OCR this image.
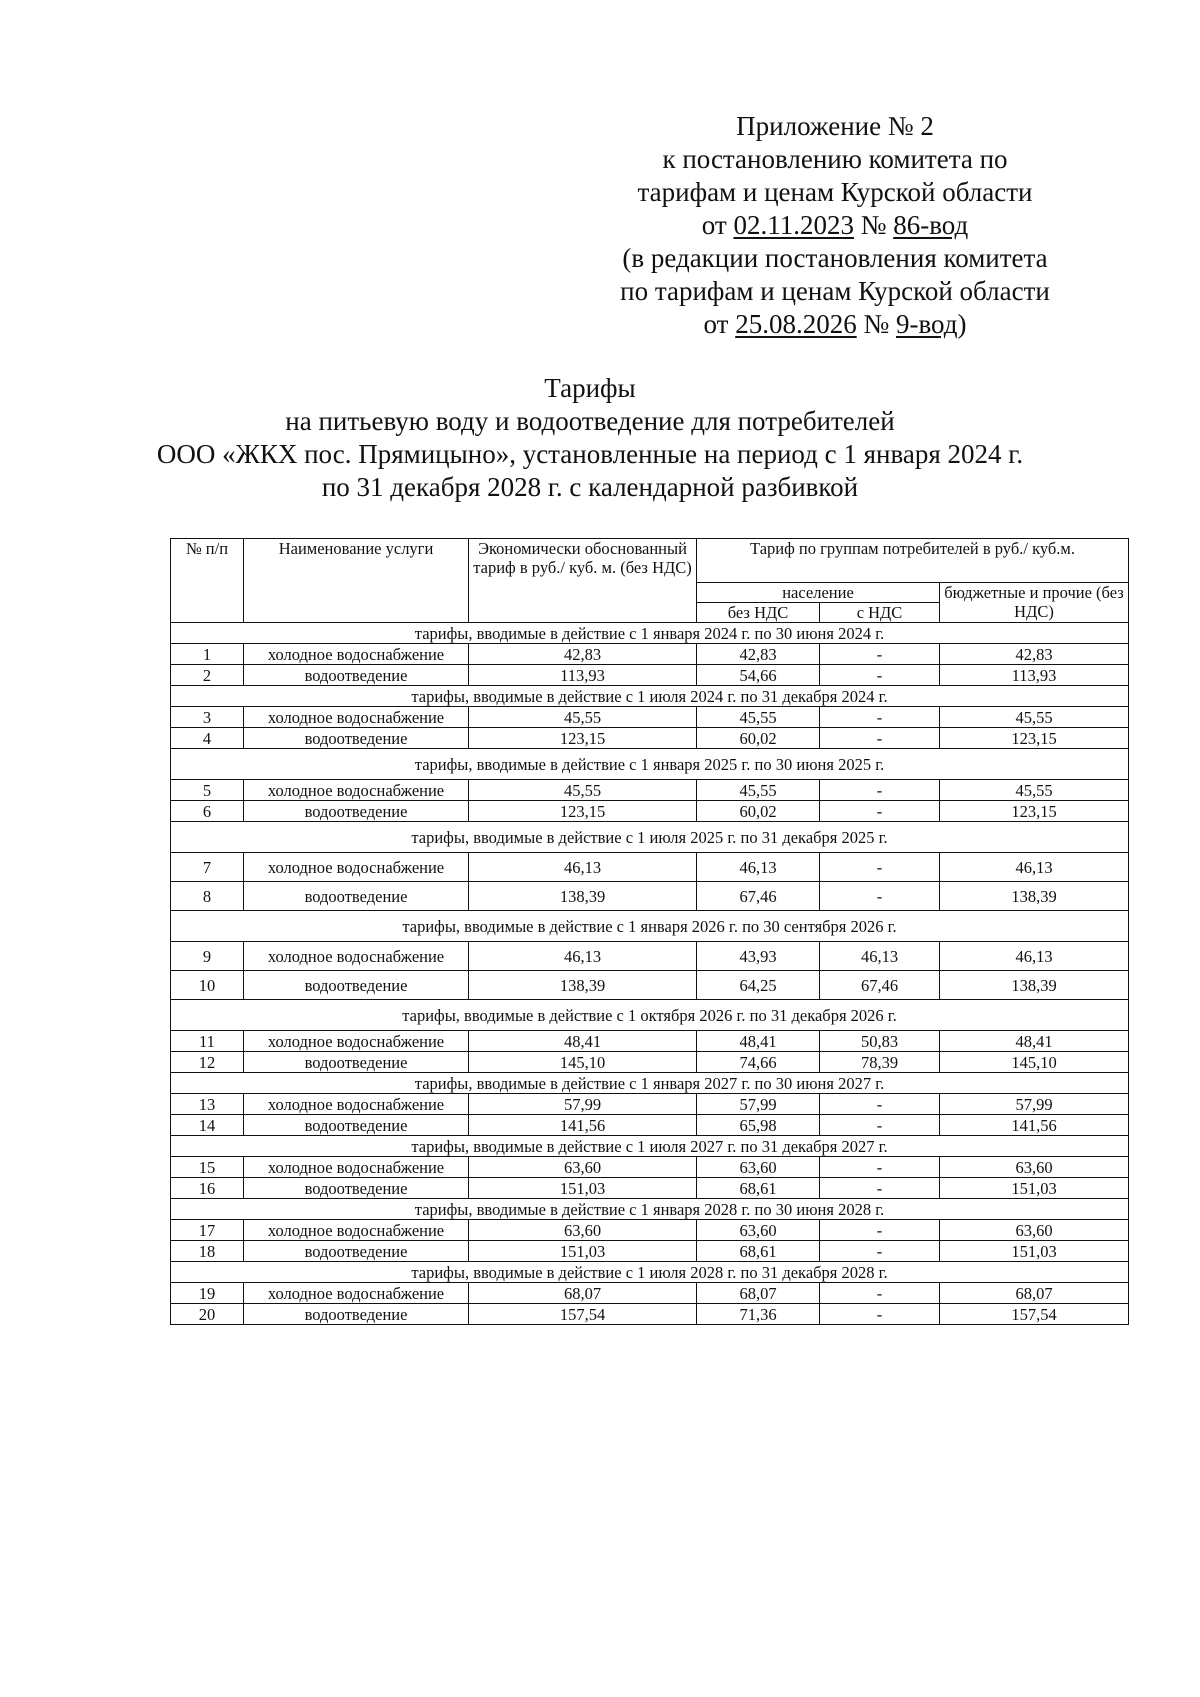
Приложение № 2
к постановлению комитета по
тарифам и ценам Курской области
от 02.11.2023 № 86-вод
(в редакции постановления комитета
по тарифам и ценам Курской области
от 25.08.2026 № 9-вод)
Тарифы
на питьевую воду и водоотведение для потребителей
ООО «ЖКХ пос. Прямицыно», установленные на период с 1 января 2024 г.
по 31 декабря 2028 г. с календарной разбивкой
№ п/п	Наименование услуги	Экономически обоснованный тариф в руб./ куб. м. (без НДС)	Тариф по группам потребителей в руб./ куб.м.		
			население		бюджетные и прочие (без НДС)
			без НДС	с НДС	
тарифы, вводимые в действие с 1 января 2024 г. по 30 июня 2024 г.					
1	холодное водоснабжение	42,83	42,83	-	42,83
2	водоотведение	113,93	54,66	-	113,93
тарифы, вводимые в действие с 1 июля 2024 г. по 31 декабря 2024 г.					
3	холодное водоснабжение	45,55	45,55	-	45,55
4	водоотведение	123,15	60,02	-	123,15
тарифы, вводимые в действие с 1 января 2025 г. по 30 июня 2025 г.					
5	холодное водоснабжение	45,55	45,55	-	45,55
6	водоотведение	123,15	60,02	-	123,15
тарифы, вводимые в действие с 1 июля 2025 г. по 31 декабря 2025 г.					
7	холодное водоснабжение	46,13	46,13	-	46,13
8	водоотведение	138,39	67,46	-	138,39
тарифы, вводимые в действие с 1 января 2026 г. по 30 сентября 2026 г.					
9	холодное водоснабжение	46,13	43,93	46,13	46,13
10	водоотведение	138,39	64,25	67,46	138,39
тарифы, вводимые в действие с 1 октября 2026 г. по 31 декабря 2026 г.					
11	холодное водоснабжение	48,41	48,41	50,83	48,41
12	водоотведение	145,10	74,66	78,39	145,10
тарифы, вводимые в действие с 1 января 2027 г. по 30 июня 2027 г.					
13	холодное водоснабжение	57,99	57,99	-	57,99
14	водоотведение	141,56	65,98	-	141,56
тарифы, вводимые в действие с 1 июля 2027 г. по 31 декабря 2027 г.					
15	холодное водоснабжение	63,60	63,60	-	63,60
16	водоотведение	151,03	68,61	-	151,03
тарифы, вводимые в действие с 1 января 2028 г. по 30 июня 2028 г.					
17	холодное водоснабжение	63,60	63,60	-	63,60
18	водоотведение	151,03	68,61	-	151,03
тарифы, вводимые в действие с 1 июля 2028 г. по 31 декабря 2028 г.					
19	холодное водоснабжение	68,07	68,07	-	68,07
20	водоотведение	157,54	71,36	-	157,54
